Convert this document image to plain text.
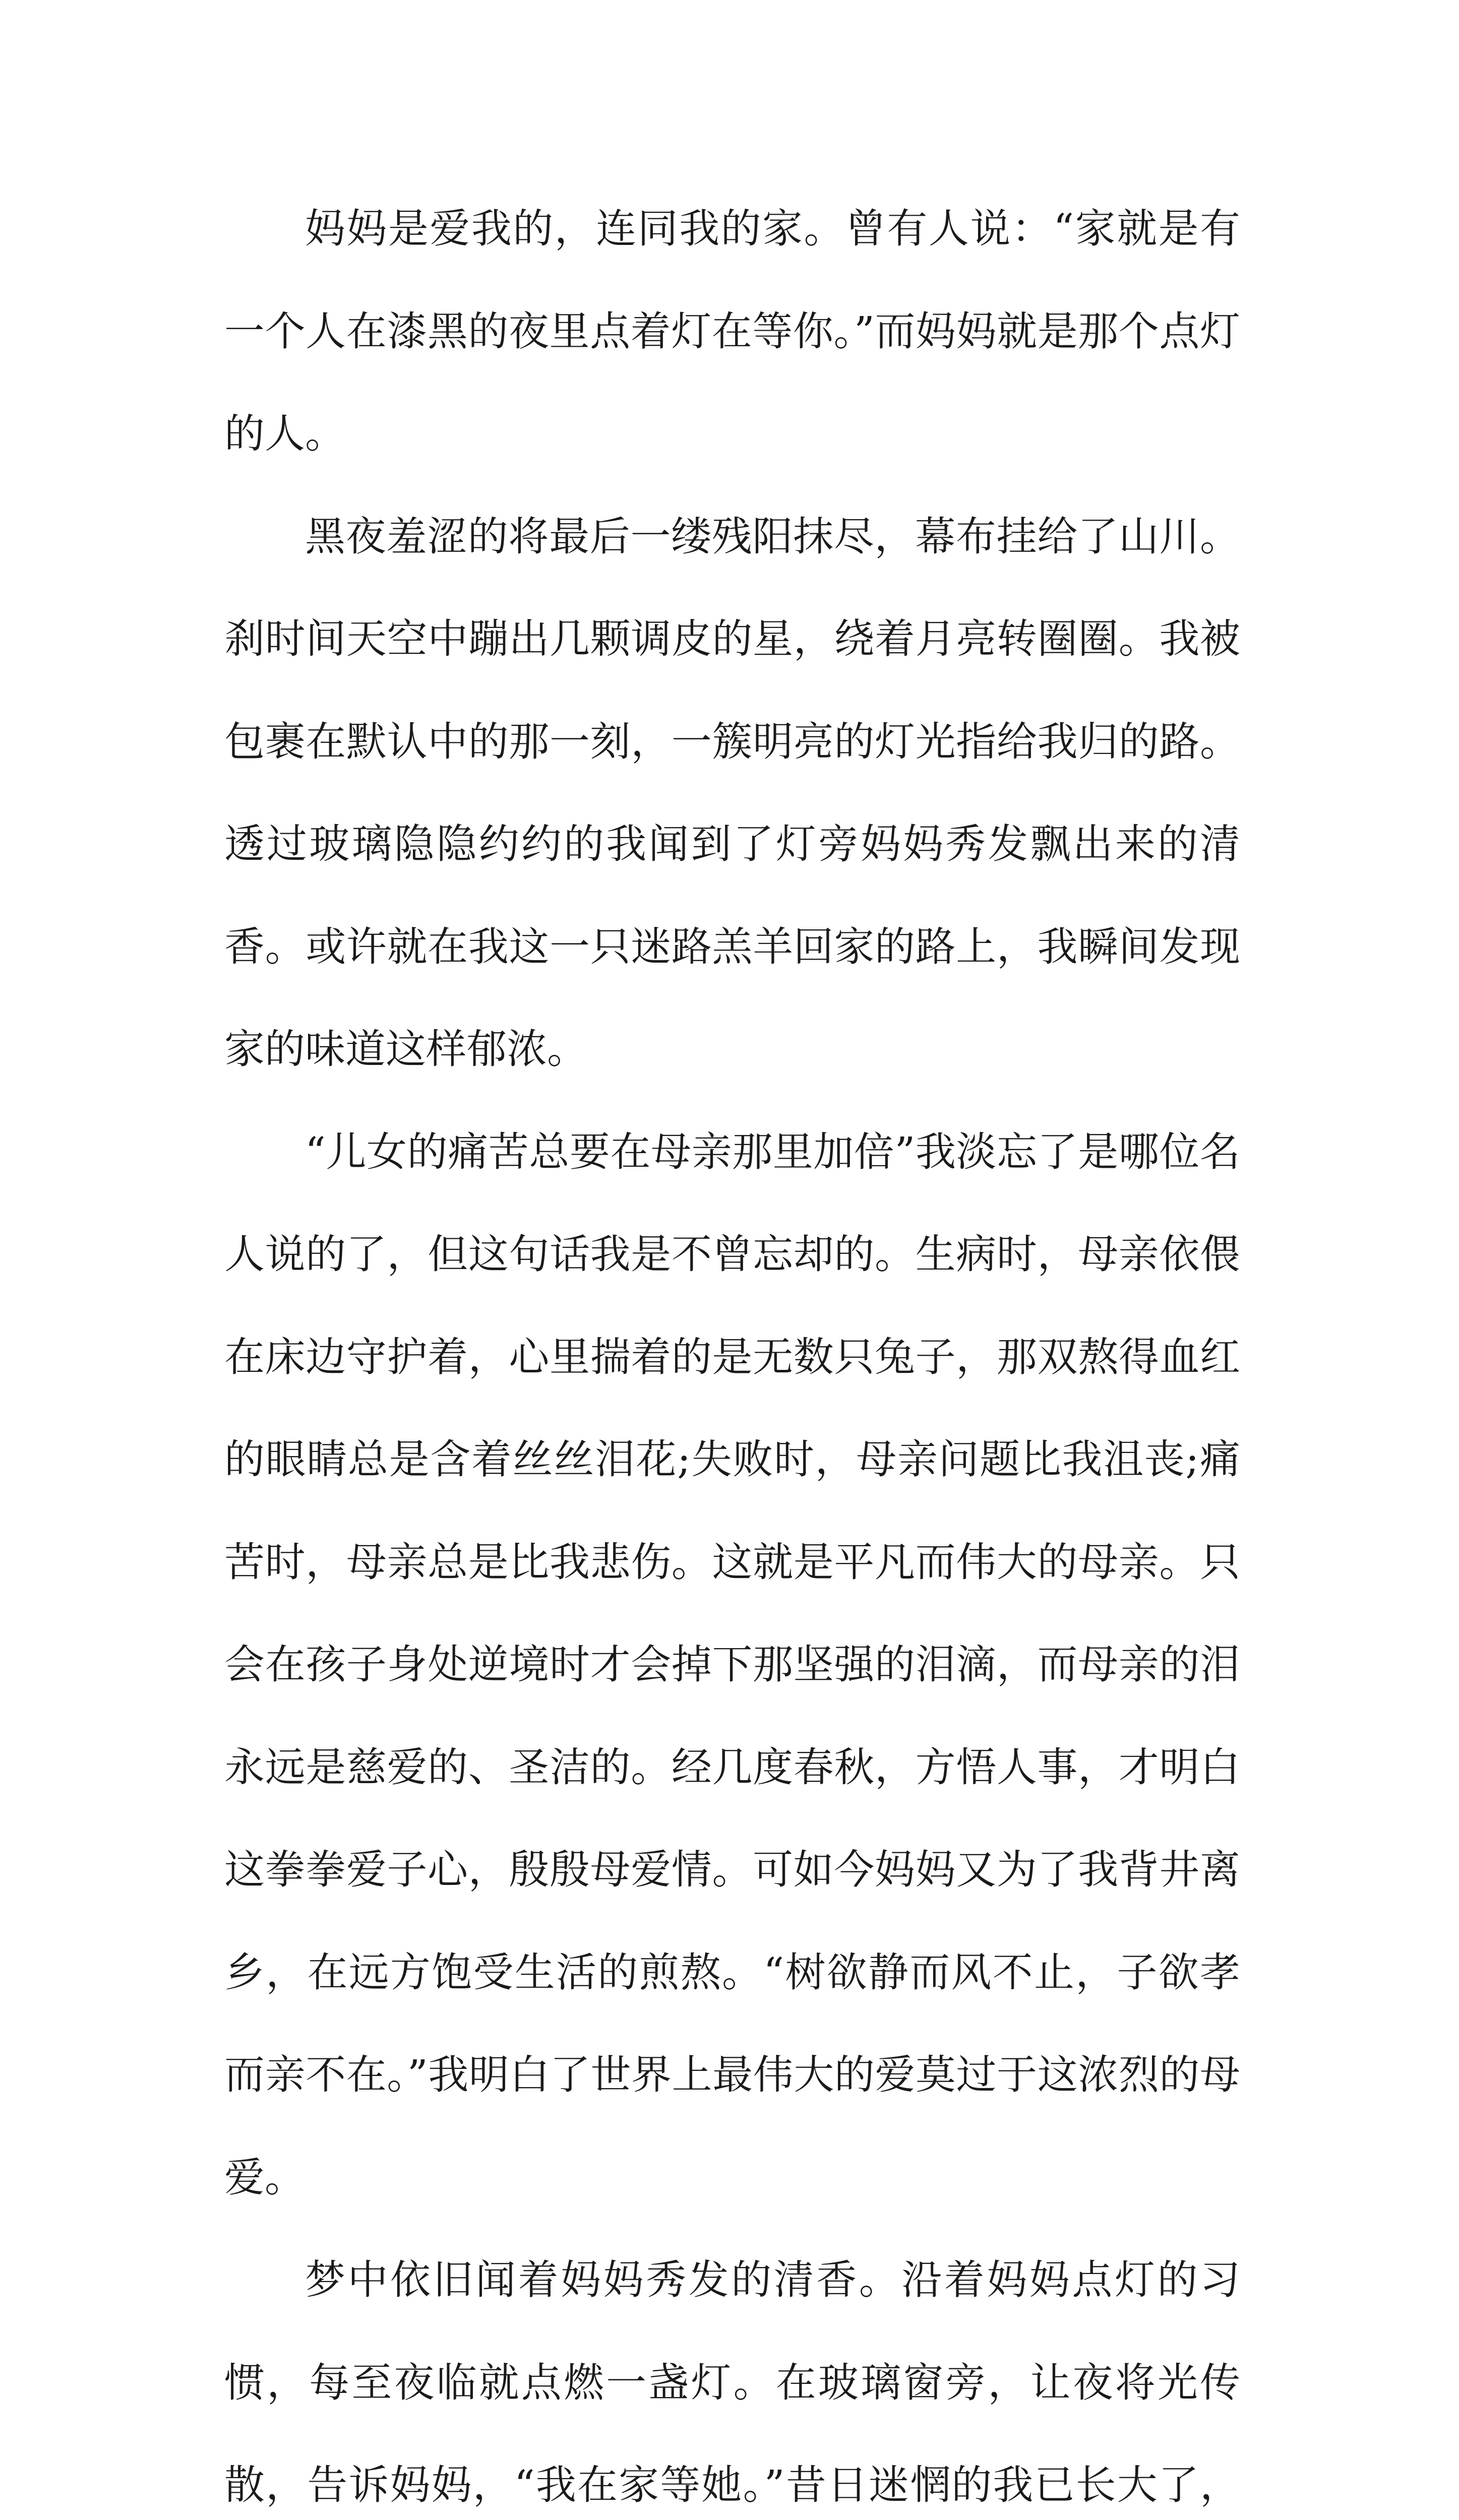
妈妈是爱我的，连同我的家。曾有人说：“家就是有一个人在漆黑的夜里点着灯在等你。”而妈妈就是那个点灯的人。

黑夜羞涩的将最后一缕残阳抹尽，幕布挂给了山川。刹时间天空中蹦出几颗调皮的星，绕着月亮转圈圈。我被包裹在默认中的那一刻，一簇明亮的灯光指给我归的路。透过玻璃隐隐约约的我闻到了灯旁妈妈秀发飘出来的清香。或许就在我这一只迷路羔羊回家的路上，我瞬间发现家的味道这样郁浓。

“儿女的痛苦总要在母亲那里加倍”我淡忘了是哪位名人说的了，但这句话我是不曾忘却的。生病时，母亲依偎在床边守护着，心里揣着的是无数只兔子，那双熬得血红的眼睛总是含着丝丝泪花;失败时，母亲问题比我沮丧;痛苦时，母亲总是比我悲伤。这就是平凡而伟大的母亲。只会在孩子身处逆境时才会掉下那坚强的泪滴，而母亲的泪永远是慈爱的、圣洁的。经几度春秋，方悟人事，才明白这拳拳爱子心，殷殷母爱情。可如今妈妈又为了我背井离乡，在远方饱受生活的煎熬。“树欲静而风不止，子欲孝而亲不在。”我明白了世界上最伟大的爱莫过于这浓烈的母爱。

梦中依旧闻着妈妈秀发的清香。沿着妈妈点灯的习惯，每至夜临就点燃一盏灯。在玻璃窗旁，让夜将光传散，告诉妈妈，“我在家等她。”昔日迷惘的我已长大了，
